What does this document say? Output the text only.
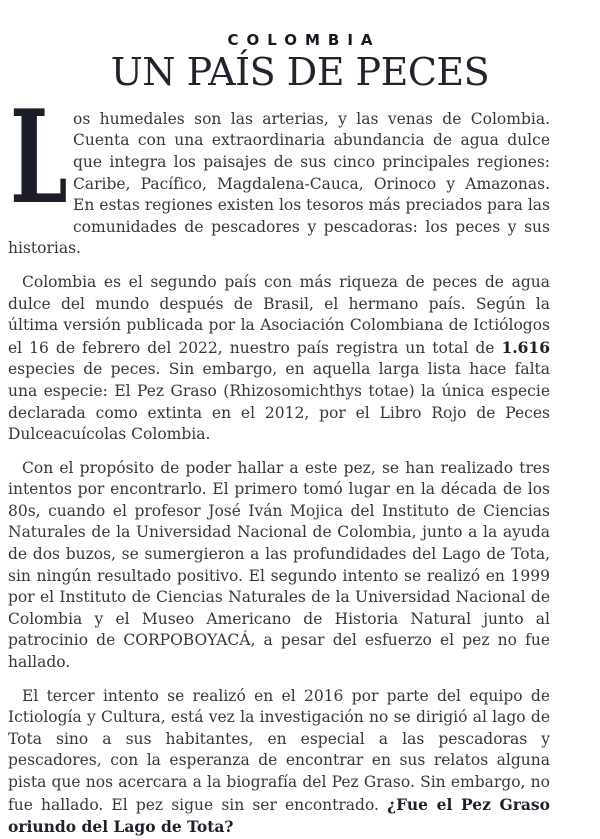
COLOMBIA
UN PAÍS DE PECES

Los humedales son las arterias, y las venas de Colombia. Cuenta con una extraordinaria abundancia de agua dulce que integra los paisajes de sus cinco principales regiones: Caribe, Pacífico, Magdalena-Cauca, Orinoco y Amazonas. En estas regiones existen los tesoros más preciados para las comunidades de pescadores y pescadoras: los peces y sus historias.

Colombia es el segundo país con más riqueza de peces de agua dulce del mundo después de Brasil, el hermano país. Según la última versión publicada por la Asociación Colombiana de Ictiólogos el 16 de febrero del 2022, nuestro país registra un total de 1.616 especies de peces. Sin embargo, en aquella larga lista hace falta una especie: El Pez Graso (Rhizosomichthys totae) la única especie declarada como extinta en el 2012, por el Libro Rojo de Peces Dulceacuícolas Colombia.

Con el propósito de poder hallar a este pez, se han realizado tres intentos por encontrarlo. El primero tomó lugar en la década de los 80s, cuando el profesor José Iván Mojica del Instituto de Ciencias Naturales de la Universidad Nacional de Colombia, junto a la ayuda de dos buzos, se sumergieron a las profundidades del Lago de Tota, sin ningún resultado positivo. El segundo intento se realizó en 1999 por el Instituto de Ciencias Naturales de la Universidad Nacional de Colombia y el Museo Americano de Historia Natural junto al patrocinio de CORPOBOYACÁ, a pesar del esfuerzo el pez no fue hallado.

El tercer intento se realizó en el 2016 por parte del equipo de Ictiología y Cultura, está vez la investigación no se dirigió al lago de Tota sino a sus habitantes, en especial a las pescadoras y pescadores, con la esperanza de encontrar en sus relatos alguna pista que nos acercara a la biografía del Pez Graso. Sin embargo, no fue hallado. El pez sigue sin ser encontrado. ¿Fue el Pez Graso oriundo del Lago de Tota?
